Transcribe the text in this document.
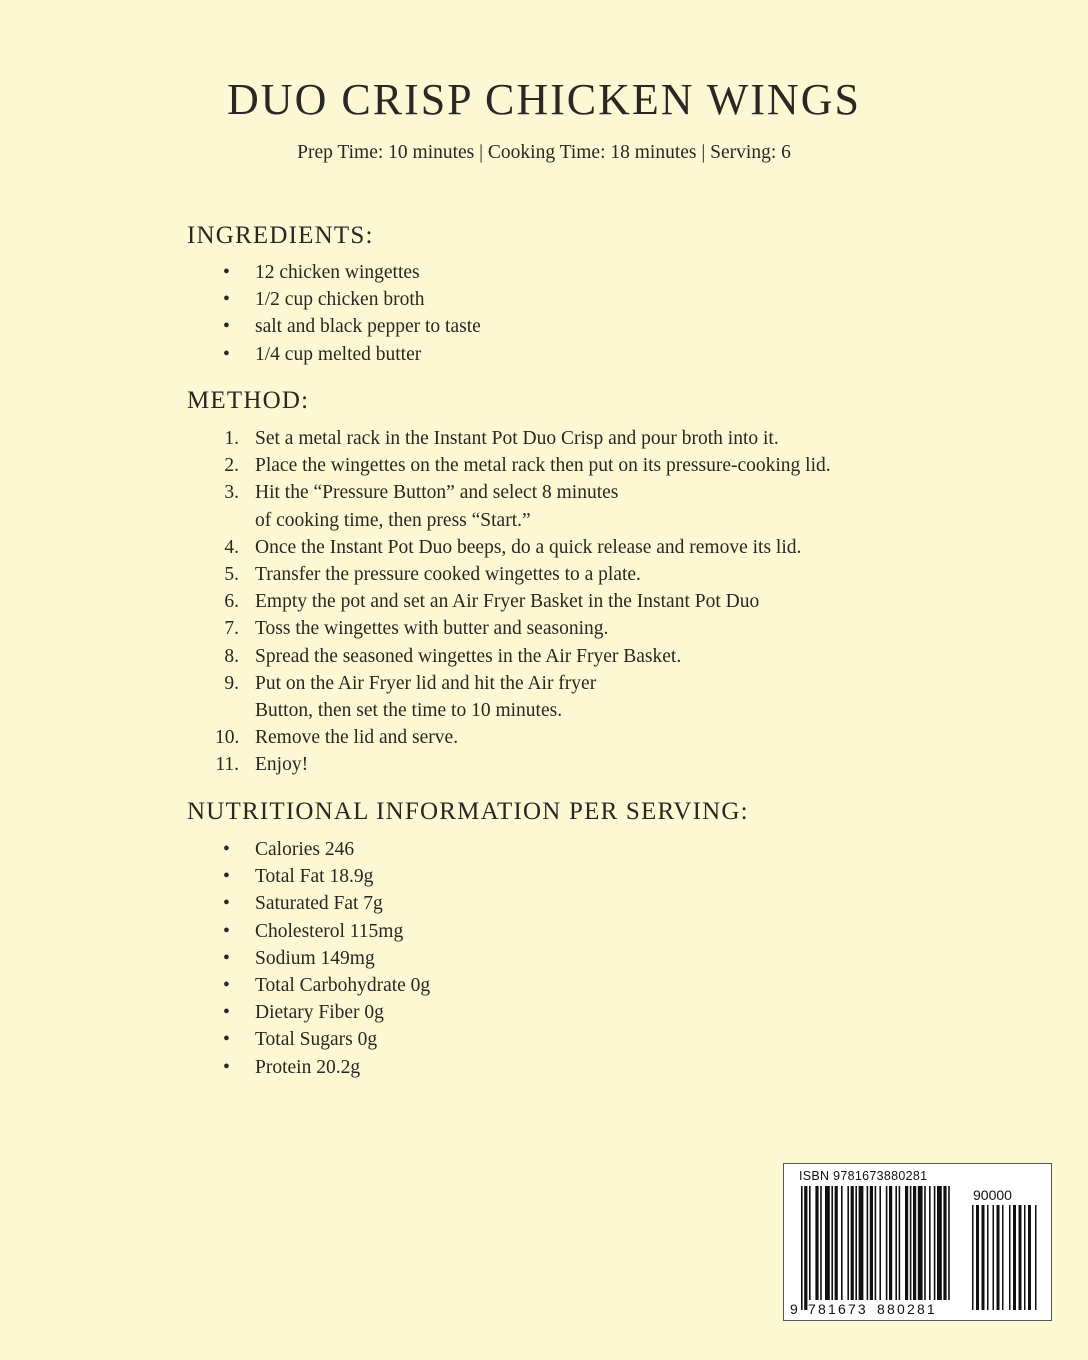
DUO CRISP CHICKEN WINGS
Prep Time: 10 minutes | Cooking Time: 18 minutes | Serving: 6
INGREDIENTS:
• 12 chicken wingettes
• 1/2 cup chicken broth
• salt and black pepper to taste
• 1/4 cup melted butter
METHOD:
1. Set a metal rack in the Instant Pot Duo Crisp and pour broth into it.
2. Place the wingettes on the metal rack then put on its pressure-cooking lid.
3. Hit the “Pressure Button” and select 8 minutes
of cooking time, then press “Start.”
4. Once the Instant Pot Duo beeps, do a quick release and remove its lid.
5. Transfer the pressure cooked wingettes to a plate.
6. Empty the pot and set an Air Fryer Basket in the Instant Pot Duo
7. Toss the wingettes with butter and seasoning.
8. Spread the seasoned wingettes in the Air Fryer Basket.
9. Put on the Air Fryer lid and hit the Air fryer
Button, then set the time to 10 minutes.
10. Remove the lid and serve.
11. Enjoy!
NUTRITIONAL INFORMATION PER SERVING:
• Calories 246
• Total Fat 18.9g
• Saturated Fat 7g
• Cholesterol 115mg
• Sodium 149mg
• Total Carbohydrate 0g
• Dietary Fiber 0g
• Total Sugars 0g
• Protein 20.2g
ISBN 9781673880281
90000
9 781673 880281
